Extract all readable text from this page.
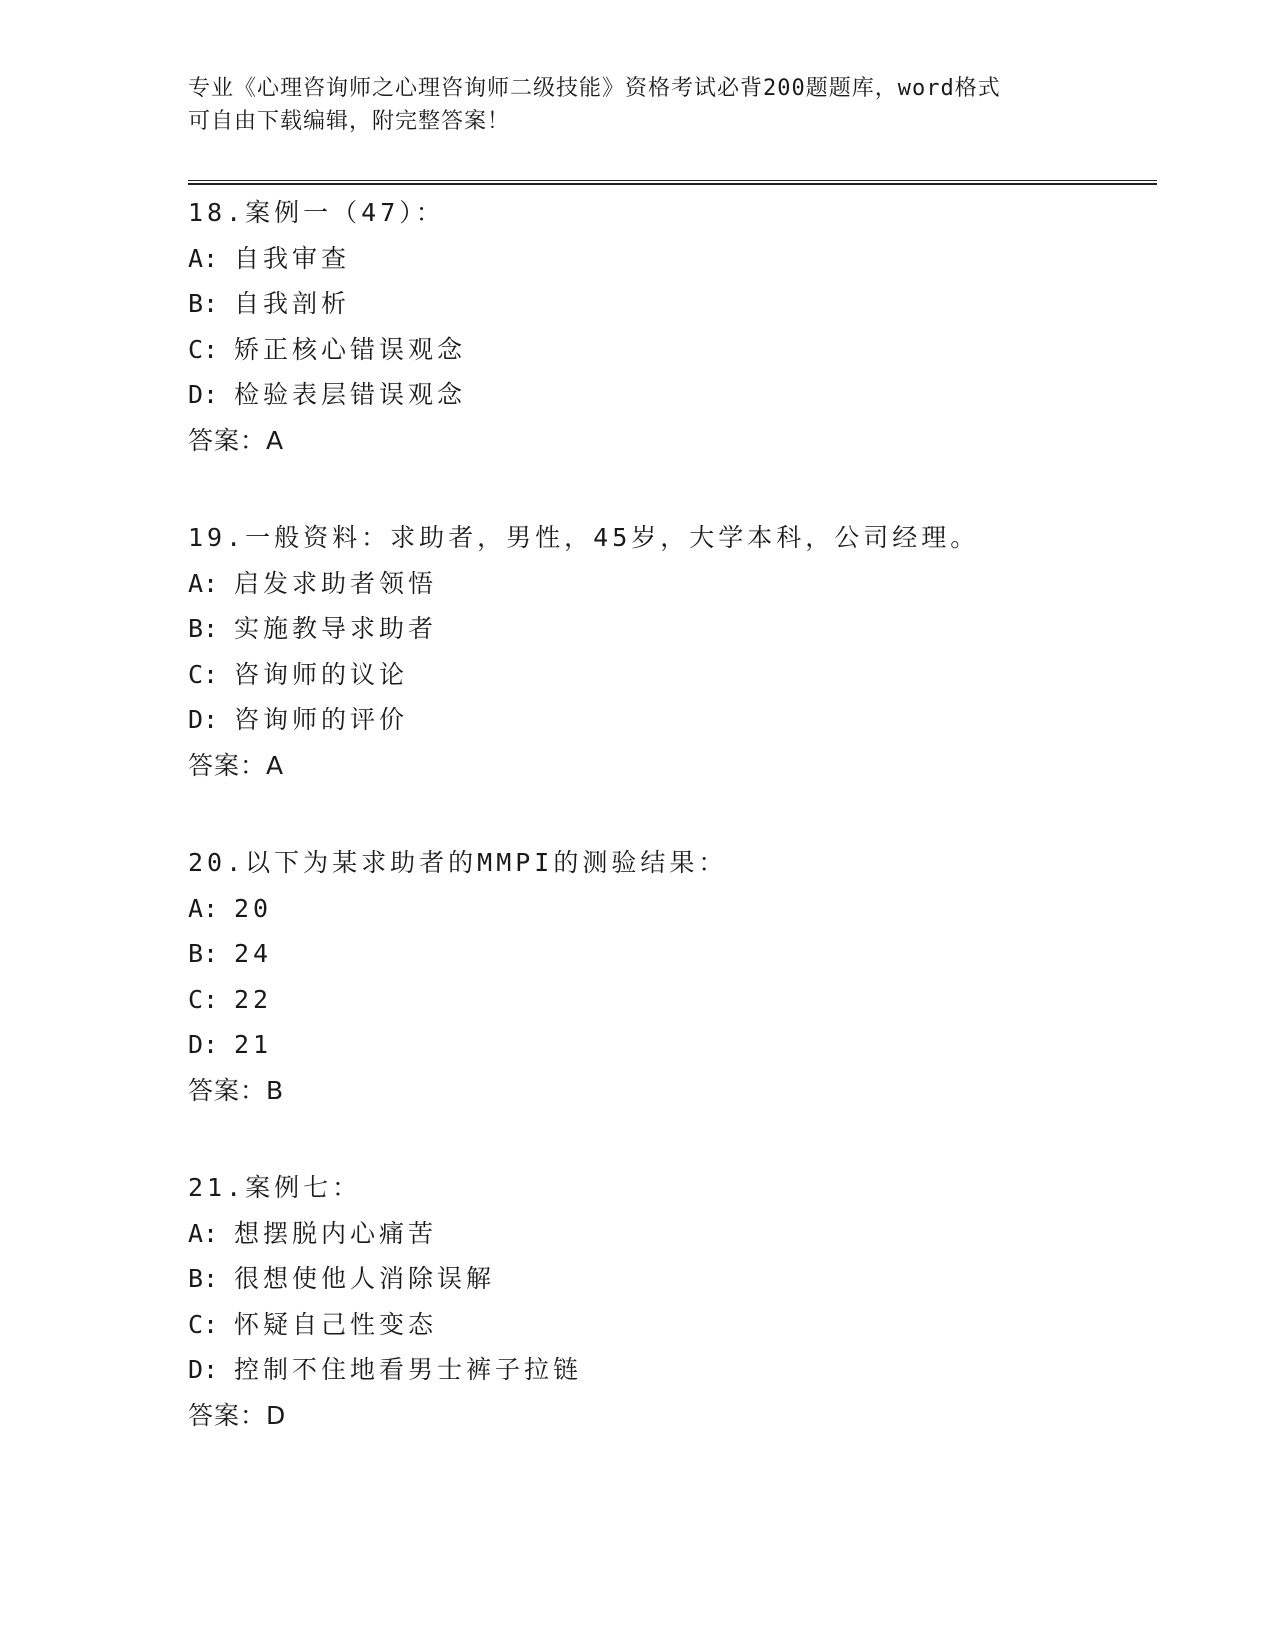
专业《心理咨询师之心理咨询师二级技能》资格考试必背200题题库，word格式
可自由下载编辑，附完整答案！
18.案例一（47）：
A: 自我审查
B: 自我剖析
C: 矫正核心错误观念
D: 检验表层错误观念
答案：A
19.一般资料：求助者，男性，45岁，大学本科，公司经理。
A: 启发求助者领悟
B: 实施教导求助者
C: 咨询师的议论
D: 咨询师的评价
答案：A
20.以下为某求助者的MMPI的测验结果：
A: 20
B: 24
C: 22
D: 21
答案：B
21.案例七：
A: 想摆脱内心痛苦
B: 很想使他人消除误解
C: 怀疑自己性变态
D: 控制不住地看男士裤子拉链
答案：D
